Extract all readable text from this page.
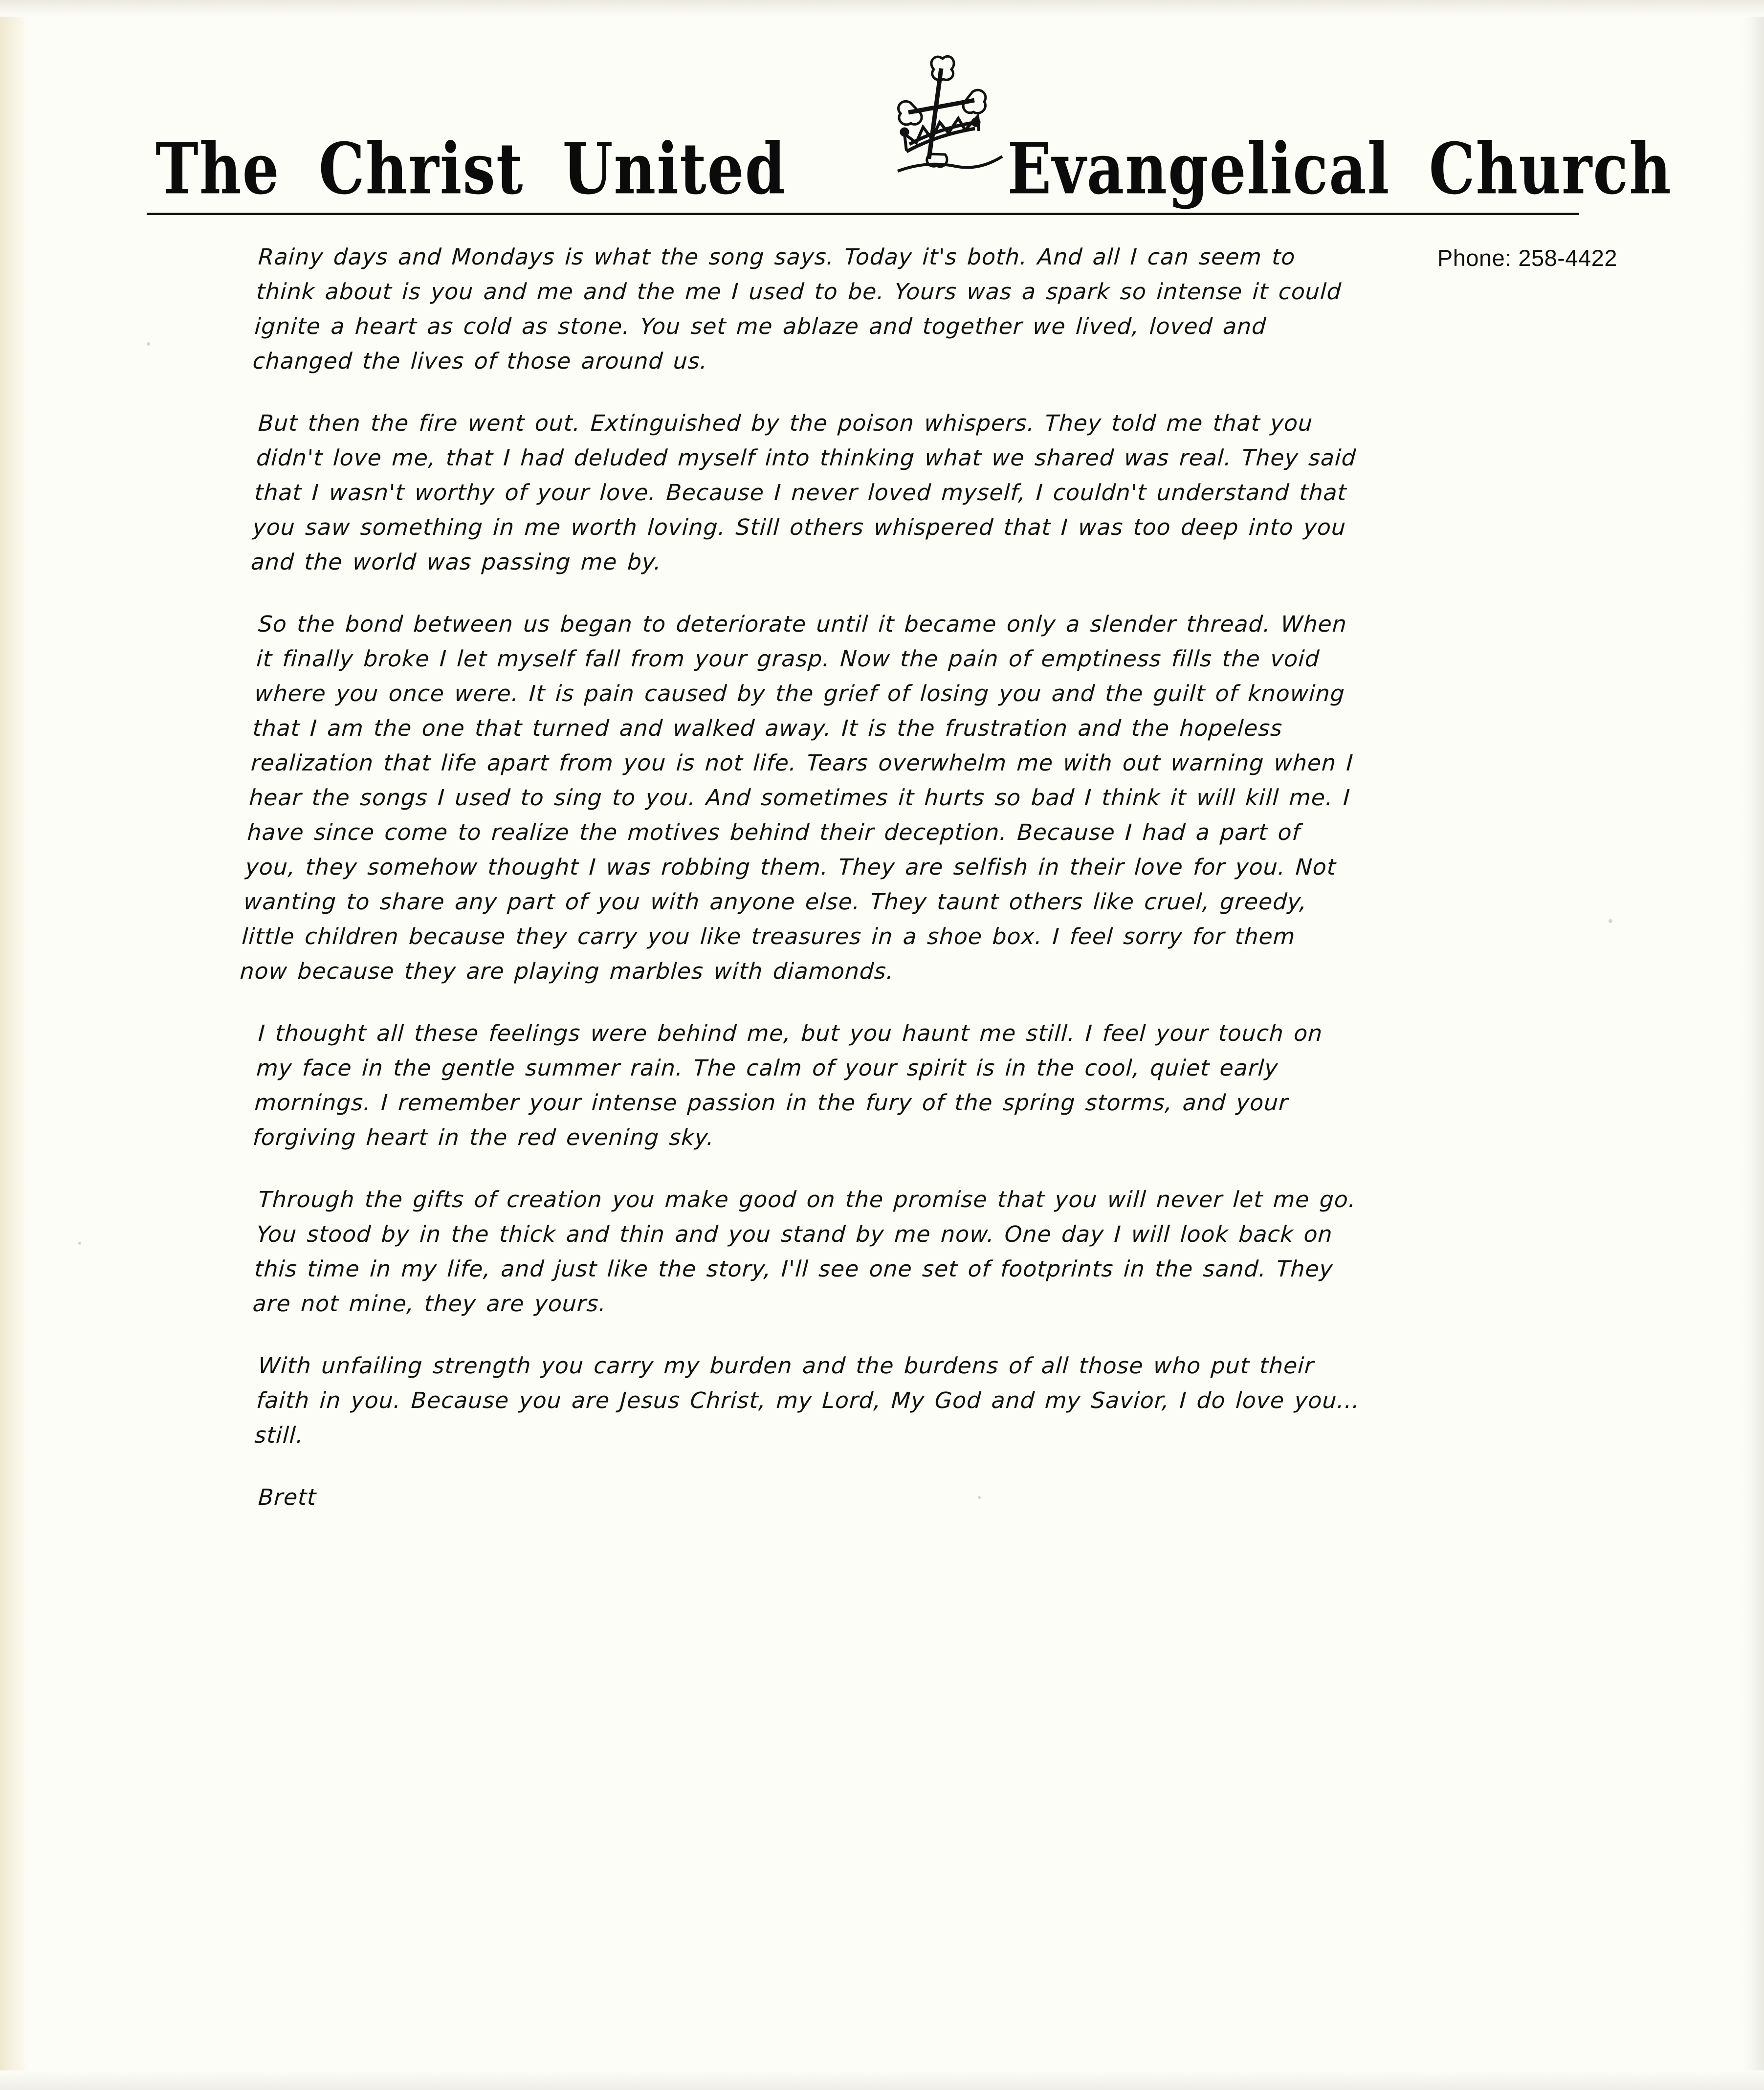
The Christ United	Evangelical Church
Phone: 258-4422

Rainy days and Mondays is what the song says. Today it's both. And all I can seem to think about is you and me and the me I used to be. Yours was a spark so intense it could ignite a heart as cold as stone. You set me ablaze and together we lived, loved and changed the lives of those around us.

But then the fire went out. Extinguished by the poison whispers. They told me that you didn't love me, that I had deluded myself into thinking what we shared was real. They said that I wasn't worthy of your love. Because I never loved myself, I couldn't understand that you saw something in me worth loving. Still others whispered that I was too deep into you and the world was passing me by.

So the bond between us began to deteriorate until it became only a slender thread. When it finally broke I let myself fall from your grasp. Now the pain of emptiness fills the void where you once were. It is pain caused by the grief of losing you and the guilt of knowing that I am the one that turned and walked away. It is the frustration and the hopeless realization that life apart from you is not life. Tears overwhelm me with out warning when I hear the songs I used to sing to you. And sometimes it hurts so bad I think it will kill me. I have since come to realize the motives behind their deception. Because I had a part of you, they somehow thought I was robbing them. They are selfish in their love for you. Not wanting to share any part of you with anyone else. They taunt others like cruel, greedy, little children because they carry you like treasures in a shoe box. I feel sorry for them now because they are playing marbles with diamonds.

I thought all these feelings were behind me, but you haunt me still. I feel your touch on my face in the gentle summer rain. The calm of your spirit is in the cool, quiet early mornings. I remember your intense passion in the fury of the spring storms, and your forgiving heart in the red evening sky.

Through the gifts of creation you make good on the promise that you will never let me go. You stood by in the thick and thin and you stand by me now. One day I will look back on this time in my life, and just like the story, I'll see one set of footprints in the sand. They are not mine, they are yours.

With unfailing strength you carry my burden and the burdens of all those who put their faith in you. Because you are Jesus Christ, my Lord, My God and my Savior, I do love you... still.

Brett
